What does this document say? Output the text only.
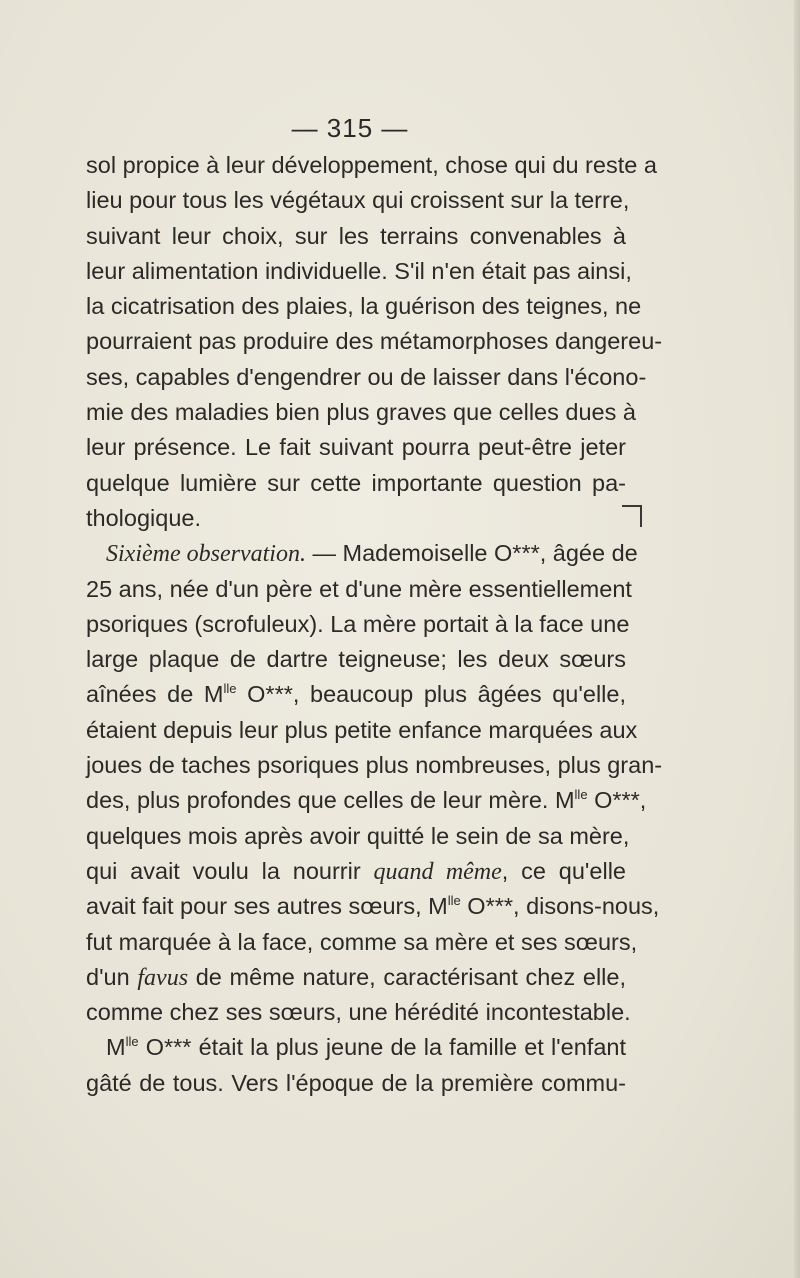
— 315 —
sol propice à leur développement, chose qui du reste a
lieu pour tous les végétaux qui croissent sur la terre,
suivant leur choix, sur les terrains convenables à
leur alimentation individuelle. S'il n'en était pas ainsi,
la cicatrisation des plaies, la guérison des teignes, ne
pourraient pas produire des métamorphoses dangereu-
ses, capables d'engendrer ou de laisser dans l'écono-
mie des maladies bien plus graves que celles dues à
leur présence. Le fait suivant pourra peut-être jeter
quelque lumière sur cette importante question pa-
thologique.
Sixième observation. — Mademoiselle O***, âgée de
25 ans, née d'un père et d'une mère essentiellement
psoriques (scrofuleux). La mère portait à la face une
large plaque de dartre teigneuse; les deux sœurs
aînées de $M^{lle}$ O***, beaucoup plus âgées qu'elle,
étaient depuis leur plus petite enfance marquées aux
joues de taches psoriques plus nombreuses, plus gran-
des, plus profondes que celles de leur mère. $M^{lle}$ O***,
quelques mois après avoir quitté le sein de sa mère,
qui avait voulu la nourrir quand même, ce qu'elle
avait fait pour ses autres sœurs, $M^{lle}$ O***, disons-nous,
fut marquée à la face, comme sa mère et ses sœurs,
d'un favus de même nature, caractérisant chez elle,
comme chez ses sœurs, une hérédité incontestable.
$M^{lle}$ O*** était la plus jeune de la famille et l'enfant
gâté de tous. Vers l'époque de la première commu-
